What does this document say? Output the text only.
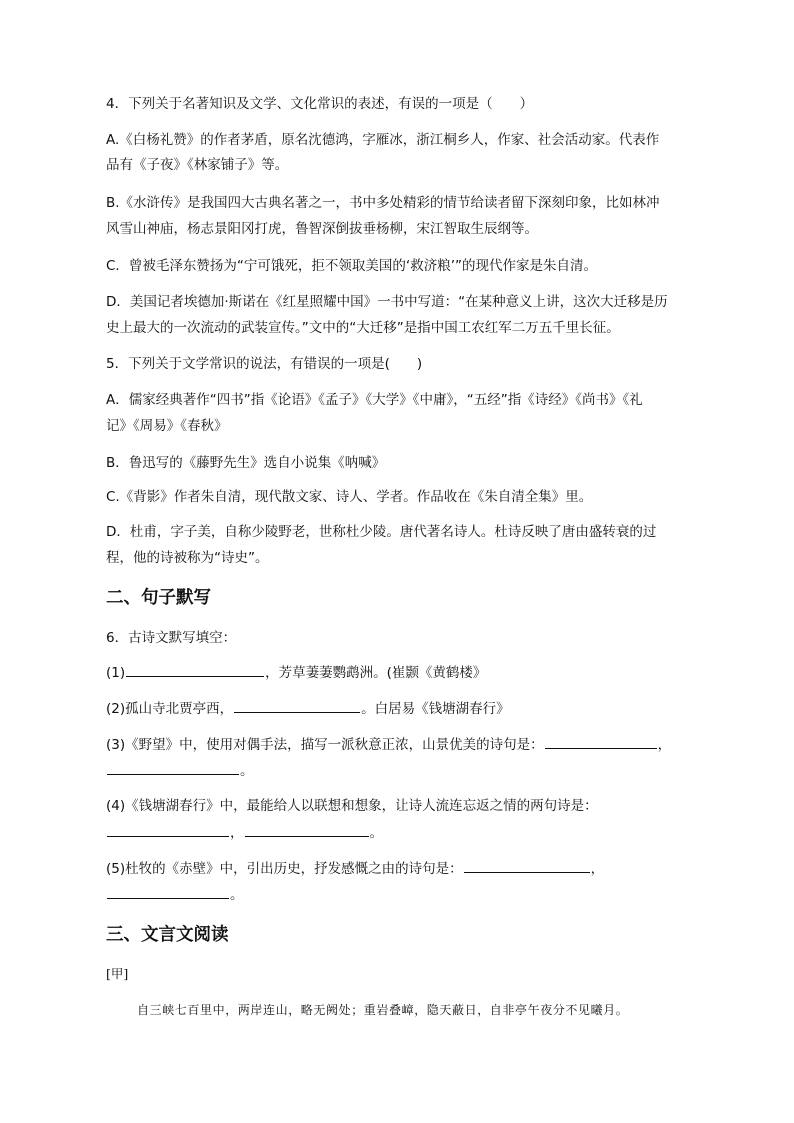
4．下列关于名著知识及文学、文化常识的表述，有误的一项是（　　）
A.《白杨礼赞》的作者茅盾，原名沈德鸿，字雁冰，浙江桐乡人，作家、社会活动家。代表作
品有《子夜》《林家铺子》等。
B.《水浒传》是我国四大古典名著之一，书中多处精彩的情节给读者留下深刻印象，比如林冲
风雪山神庙，杨志景阳冈打虎，鲁智深倒拔垂杨柳，宋江智取生辰纲等。
C．曾被毛泽东赞扬为“宁可饿死，拒不领取美国的‘救济粮’”的现代作家是朱自清。
D．美国记者埃德加·斯诺在《红星照耀中国》一书中写道：“在某种意义上讲，这次大迁移是历
史上最大的一次流动的武装宣传。”文中的“大迁移”是指中国工农红军二万五千里长征。
5．下列关于文学常识的说法，有错误的一项是(　　)
A．儒家经典著作“四书”指《论语》《孟子》《大学》《中庸》，“五经”指《诗经》《尚书》《礼
记》《周易》《春秋》
B．鲁迅写的《藤野先生》选自小说集《呐喊》
C.《背影》作者朱自清，现代散文家、诗人、学者。作品收在《朱自清全集》里。
D．杜甫，字子美，自称少陵野老，世称杜少陵。唐代著名诗人。杜诗反映了唐由盛转衰的过
程，他的诗被称为“诗史”。
二、句子默写
6．古诗文默写填空：
(1)	，芳草萋萋鹦鹉洲。(崔颢《黄鹤楼》
(2)孤山寺北贾亭西，	。白居易《钱塘湖春行》
(3)《野望》中，使用对偶手法，描写一派秋意正浓，山景优美的诗句是：	，
。
(4)《钱塘湖春行》中，最能给人以联想和想象，让诗人流连忘返之情的两句诗是：
，	。
(5)杜牧的《赤壁》中，引出历史，抒发感慨之由的诗句是：	，
。
三、文言文阅读
[甲]
自三峡七百里中，两岸连山，略无阙处；重岩叠嶂，隐天蔽日，自非亭午夜分不见曦月。
